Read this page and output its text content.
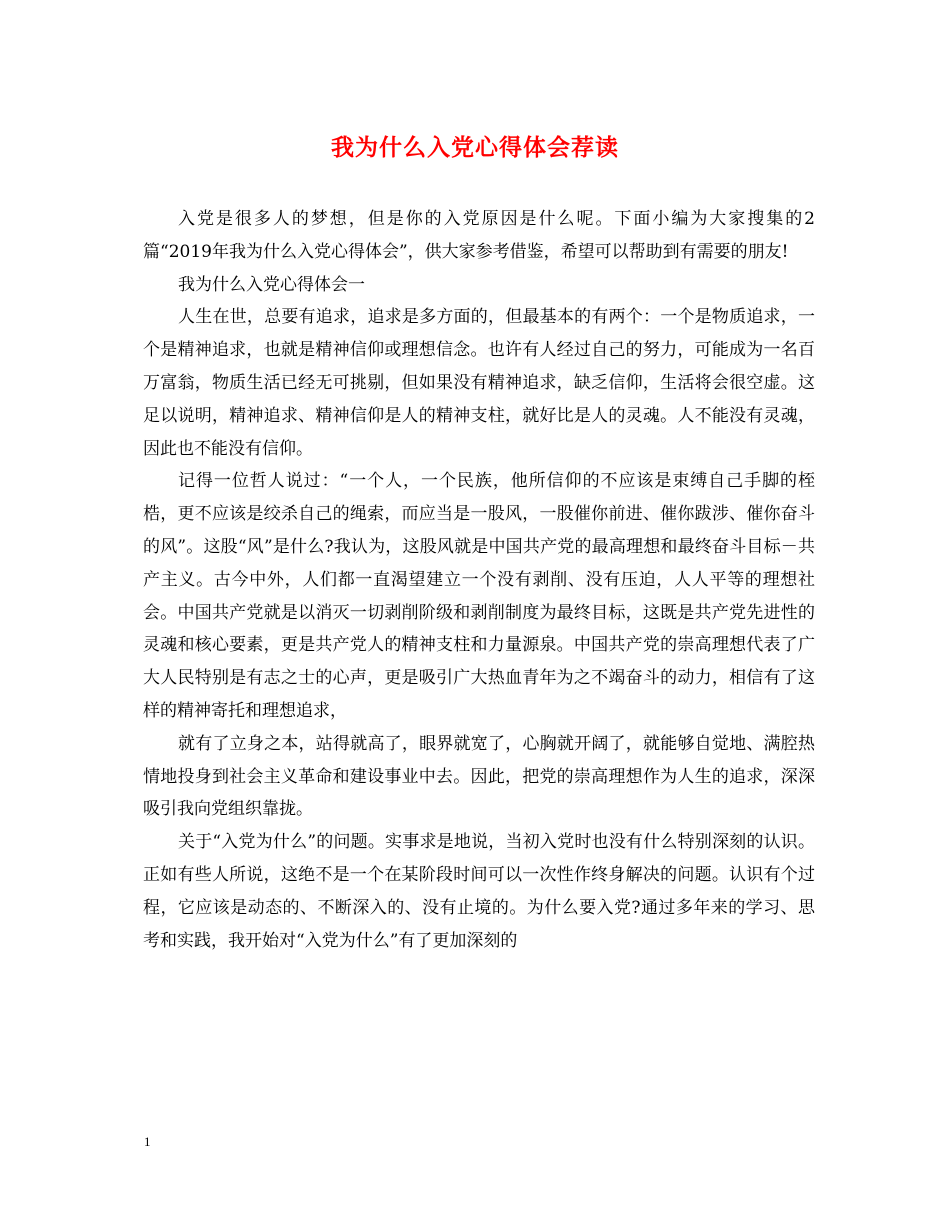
我为什么入党心得体会荐读

入党是很多人的梦想，但是你的入党原因是什么呢。下面小编为大家搜集的2篇“2019年我为什么入党心得体会”，供大家参考借鉴，希望可以帮助到有需要的朋友!

我为什么入党心得体会一

人生在世，总要有追求，追求是多方面的，但最基本的有两个：一个是物质追求，一个是精神追求，也就是精神信仰或理想信念。也许有人经过自己的努力，可能成为一名百万富翁，物质生活已经无可挑剔，但如果没有精神追求，缺乏信仰，生活将会很空虚。这足以说明，精神追求、精神信仰是人的精神支柱，就好比是人的灵魂。人不能没有灵魂，因此也不能没有信仰。

记得一位哲人说过：“一个人，一个民族，他所信仰的不应该是束缚自己手脚的桎梏，更不应该是绞杀自己的绳索，而应当是一股风，一股催你前进、催你跋涉、催你奋斗的风”。这股“风”是什么?我认为，这股风就是中国共产党的最高理想和最终奋斗目标－共产主义。古今中外，人们都一直渴望建立一个没有剥削、没有压迫，人人平等的理想社会。中国共产党就是以消灭一切剥削阶级和剥削制度为最终目标，这既是共产党先进性的灵魂和核心要素，更是共产党人的精神支柱和力量源泉。中国共产党的崇高理想代表了广大人民特别是有志之士的心声，更是吸引广大热血青年为之不竭奋斗的动力，相信有了这样的精神寄托和理想追求，

就有了立身之本，站得就高了，眼界就宽了，心胸就开阔了，就能够自觉地、满腔热情地投身到社会主义革命和建设事业中去。因此，把党的崇高理想作为人生的追求，深深吸引我向党组织靠拢。

关于“入党为什么”的问题。实事求是地说，当初入党时也没有什么特别深刻的认识。正如有些人所说，这绝不是一个在某阶段时间可以一次性作终身解决的问题。认识有个过程，它应该是动态的、不断深入的、没有止境的。为什么要入党?通过多年来的学习、思考和实践，我开始对“入党为什么”有了更加深刻的

1
